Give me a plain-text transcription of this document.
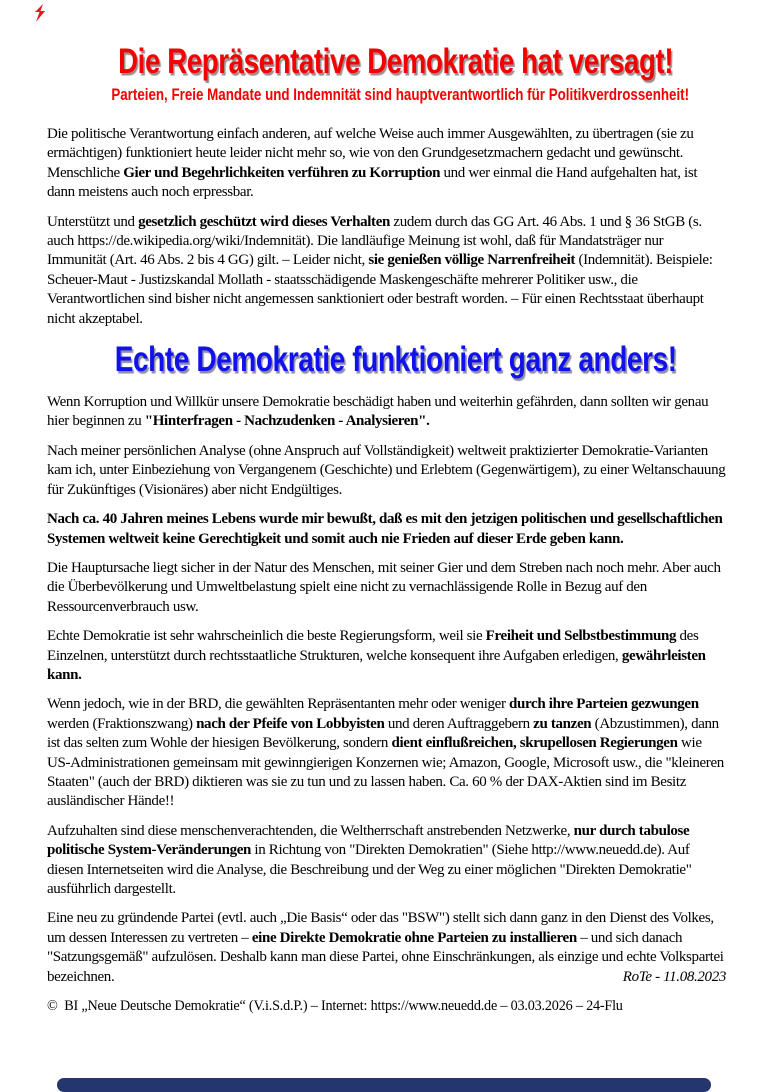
Die Repräsentative Demokratie hat versagt!
Parteien, Freie Mandate und Indemnität sind hauptverantwortlich für Politikverdrossenheit!

Die politische Verantwortung einfach anderen, auf welche Weise auch immer Ausgewählten, zu übertragen (sie zu ermächtigen) funktioniert heute leider nicht mehr so, wie von den Grundgesetzmachern gedacht und gewünscht. Menschliche Gier und Begehrlichkeiten verführen zu Korruption und wer einmal die Hand aufgehalten hat, ist dann meistens auch noch erpressbar.

Unterstützt und gesetzlich geschützt wird dieses Verhalten zudem durch das GG Art. 46 Abs. 1 und § 36 StGB (s. auch https://de.wikipedia.org/wiki/Indemnität). Die landläufige Meinung ist wohl, daß für Mandatsträger nur Immunität (Art. 46 Abs. 2 bis 4 GG) gilt. – Leider nicht, sie genießen völlige Narrenfreiheit (Indemnität). Beispiele: Scheuer-Maut - Justizskandal Mollath - staatsschädigende Maskengeschäfte mehrerer Politiker usw., die Verantwortlichen sind bisher nicht angemessen sanktioniert oder bestraft worden. – Für einen Rechtsstaat überhaupt nicht akzeptabel.

Echte Demokratie funktioniert ganz anders!

Wenn Korruption und Willkür unsere Demokratie beschädigt haben und weiterhin gefährden, dann sollten wir genau hier beginnen zu "Hinterfragen - Nachzudenken - Analysieren".

Nach meiner persönlichen Analyse (ohne Anspruch auf Vollständigkeit) weltweit praktizierter Demokratie-Varianten kam ich, unter Einbeziehung von Vergangenem (Geschichte) und Erlebtem (Gegenwärtigem), zu einer Weltanschauung für Zukünftiges (Visionäres) aber nicht Endgültiges.

Nach ca. 40 Jahren meines Lebens wurde mir bewußt, daß es mit den jetzigen politischen und gesellschaftlichen Systemen weltweit keine Gerechtigkeit und somit auch nie Frieden auf dieser Erde geben kann.

Die Hauptursache liegt sicher in der Natur des Menschen, mit seiner Gier und dem Streben nach noch mehr. Aber auch die Überbevölkerung und Umweltbelastung spielt eine nicht zu vernachlässigende Rolle in Bezug auf den Ressourcenverbrauch usw.

Echte Demokratie ist sehr wahrscheinlich die beste Regierungsform, weil sie Freiheit und Selbstbestimmung des Einzelnen, unterstützt durch rechtsstaatliche Strukturen, welche konsequent ihre Aufgaben erledigen, gewährleisten kann.

Wenn jedoch, wie in der BRD, die gewählten Repräsentanten mehr oder weniger durch ihre Parteien gezwungen werden (Fraktionszwang) nach der Pfeife von Lobbyisten und deren Auftraggebern zu tanzen (Abzustimmen), dann ist das selten zum Wohle der hiesigen Bevölkerung, sondern dient einflußreichen, skrupellosen Regierungen wie US-Administrationen gemeinsam mit gewinngierigen Konzernen wie; Amazon, Google, Microsoft usw., die "kleineren Staaten" (auch der BRD) diktieren was sie zu tun und zu lassen haben. Ca. 60 % der DAX-Aktien sind im Besitz ausländischer Hände!!

Aufzuhalten sind diese menschenverachtenden, die Weltherrschaft anstrebenden Netzwerke, nur durch tabulose politische System-Veränderungen in Richtung von "Direkten Demokratien" (Siehe http://www.neuedd.de). Auf diesen Internetseiten wird die Analyse, die Beschreibung und der Weg zu einer möglichen "Direkten Demokratie" ausführlich dargestellt.

Eine neu zu gründende Partei (evtl. auch „Die Basis“ oder das "BSW") stellt sich dann ganz in den Dienst des Volkes, um dessen Interessen zu vertreten – eine Direkte Demokratie ohne Parteien zu installieren – und sich danach "Satzungsgemäß" aufzulösen. Deshalb kann man diese Partei, ohne Einschränkungen, als einzige und echte Volkspartei bezeichnen.	RoTe - 11.08.2023

©  BI „Neue Deutsche Demokratie“ (V.i.S.d.P.) – Internet: https://www.neuedd.de – 03.03.2026 – 24-Flu
